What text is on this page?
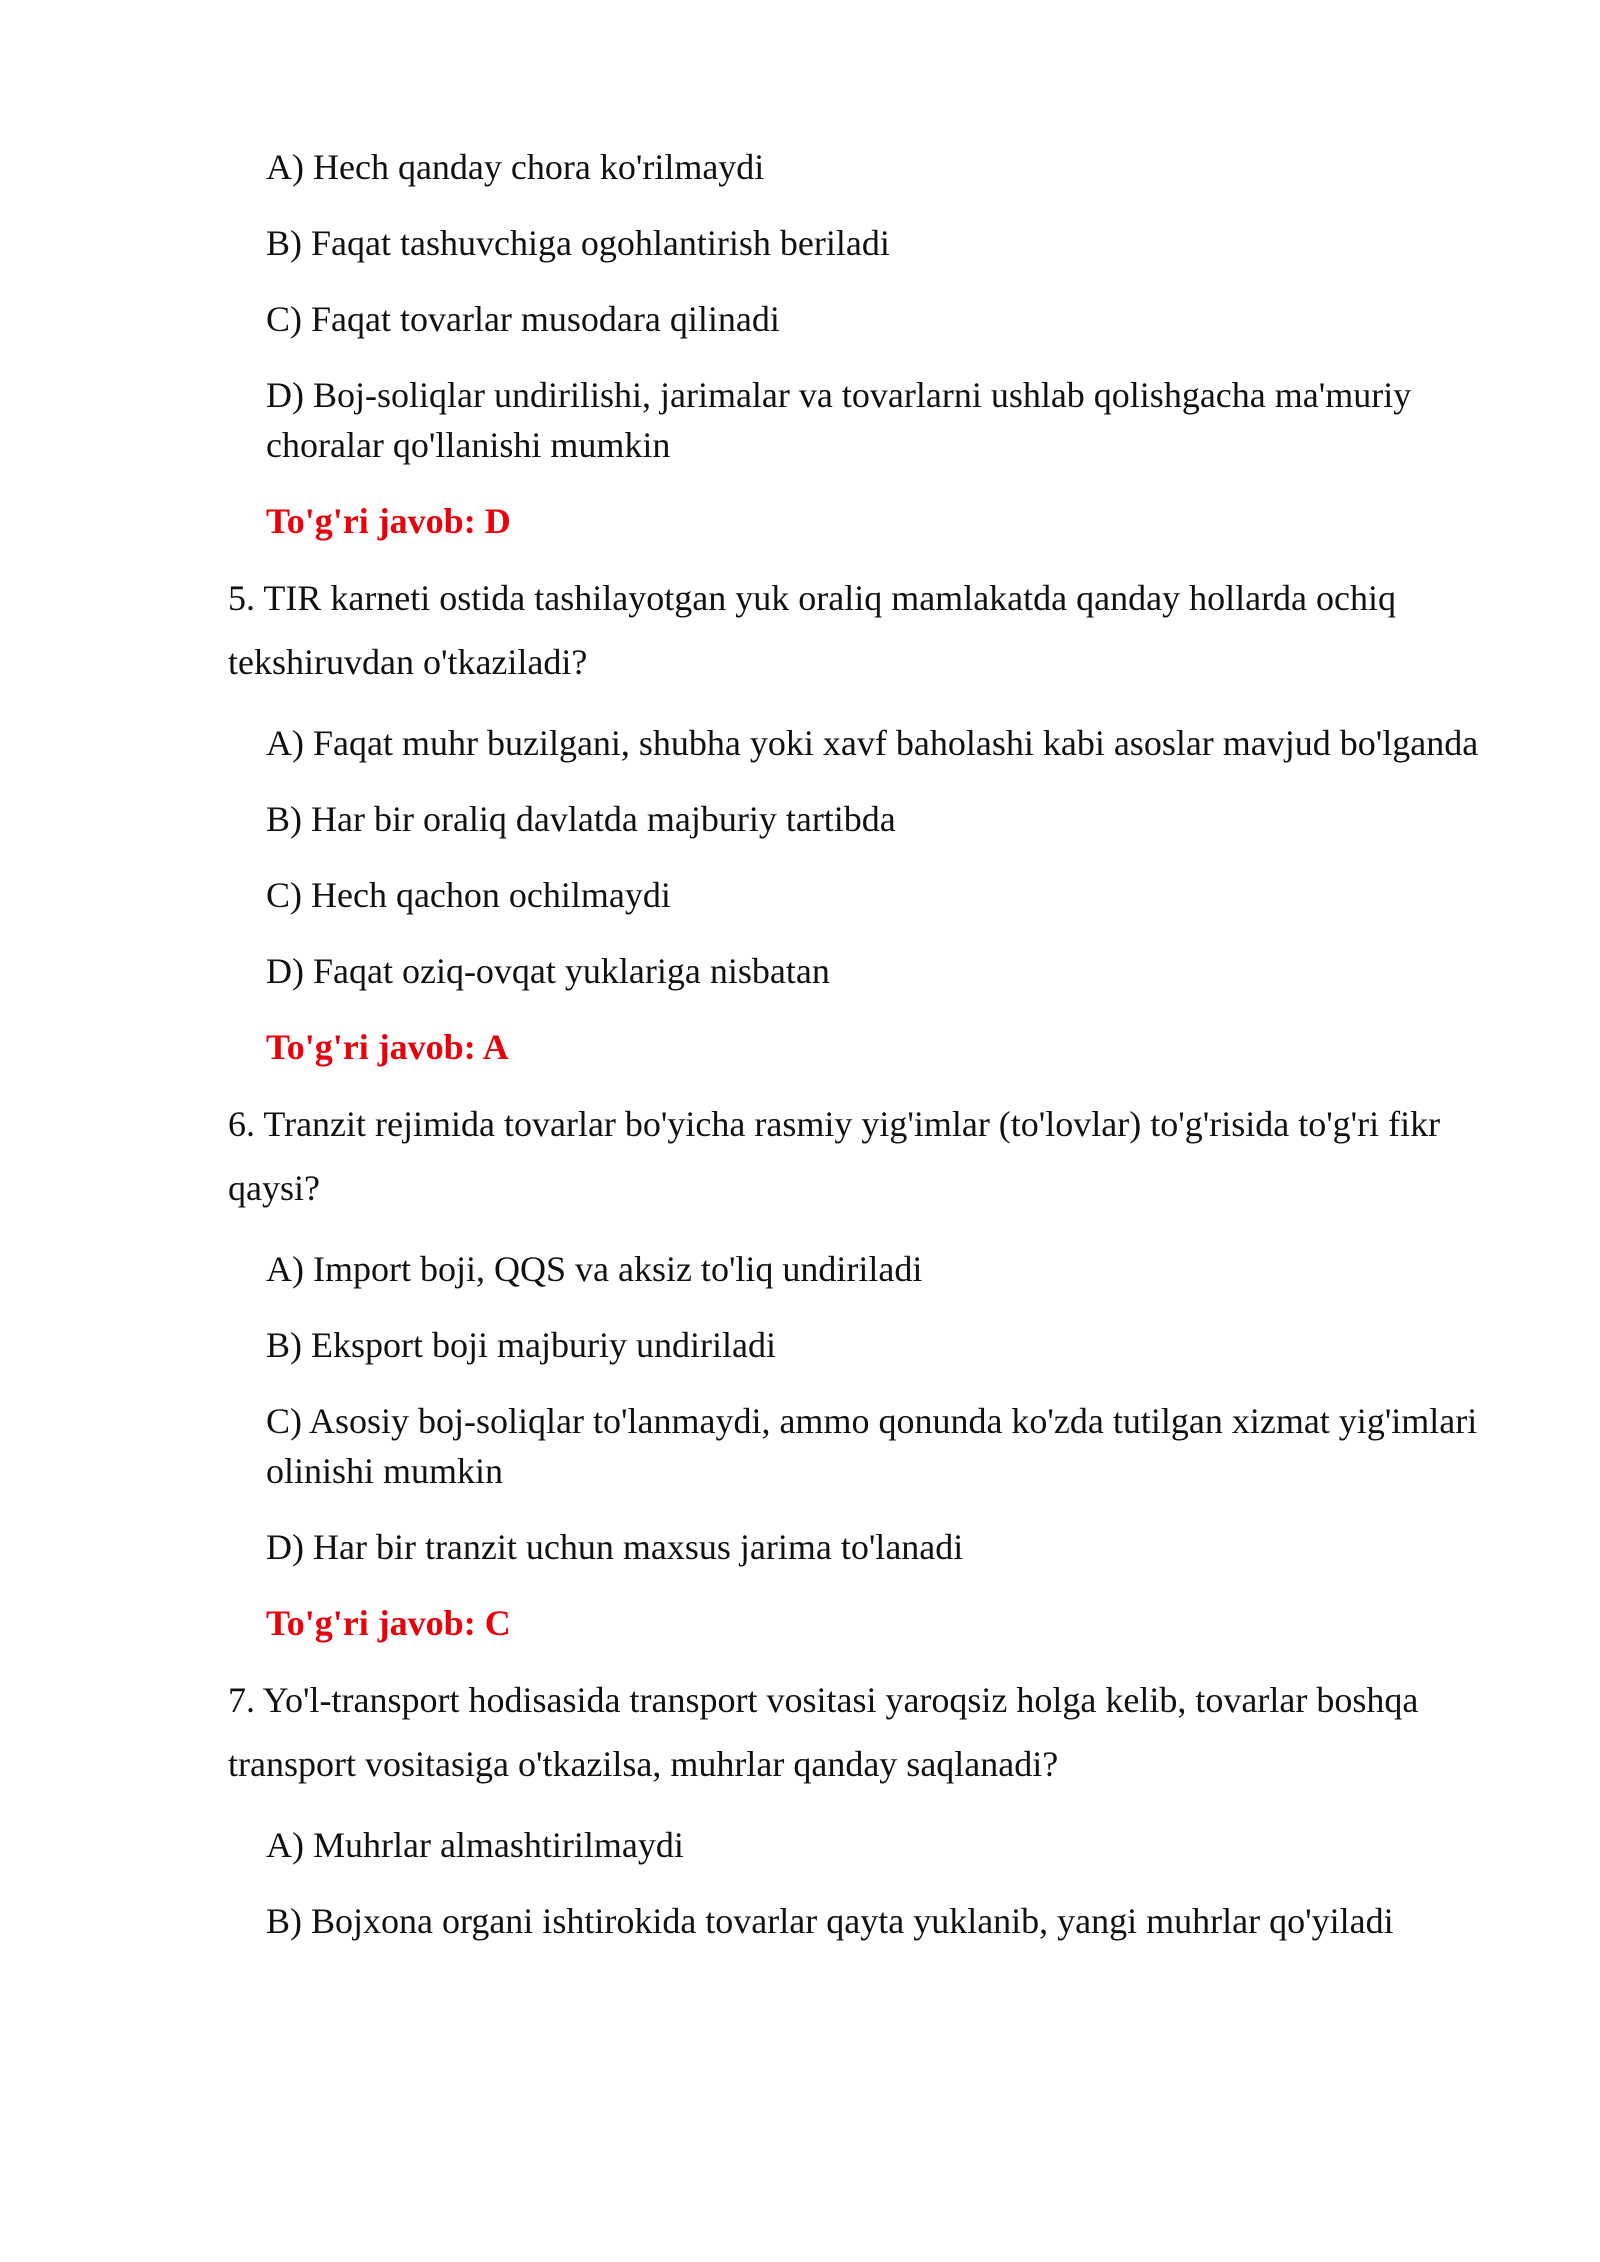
A) Hech qanday chora ko'rilmaydi
B) Faqat tashuvchiga ogohlantirish beriladi
C) Faqat tovarlar musodara qilinadi
D) Boj-soliqlar undirilishi, jarimalar va tovarlarni ushlab qolishgacha ma'muriy choralar qo'llanishi mumkin
To'g'ri javob: D
5. TIR karneti ostida tashilayotgan yuk oraliq mamlakatda qanday hollarda ochiq tekshiruvdan o'tkaziladi?
A) Faqat muhr buzilgani, shubha yoki xavf baholashi kabi asoslar mavjud bo'lganda
B) Har bir oraliq davlatda majburiy tartibda
C) Hech qachon ochilmaydi
D) Faqat oziq-ovqat yuklariga nisbatan
To'g'ri javob: A
6. Tranzit rejimida tovarlar bo'yicha rasmiy yig'imlar (to'lovlar) to'g'risida to'g'ri fikr qaysi?
A) Import boji, QQS va aksiz to'liq undiriladi
B) Eksport boji majburiy undiriladi
C) Asosiy boj-soliqlar to'lanmaydi, ammo qonunda ko'zda tutilgan xizmat yig'imlari olinishi mumkin
D) Har bir tranzit uchun maxsus jarima to'lanadi
To'g'ri javob: C
7. Yo'l-transport hodisasida transport vositasi yaroqsiz holga kelib, tovarlar boshqa transport vositasiga o'tkazilsa, muhrlar qanday saqlanadi?
A) Muhrlar almashtirilmaydi
B) Bojxona organi ishtirokida tovarlar qayta yuklanib, yangi muhrlar qo'yiladi
